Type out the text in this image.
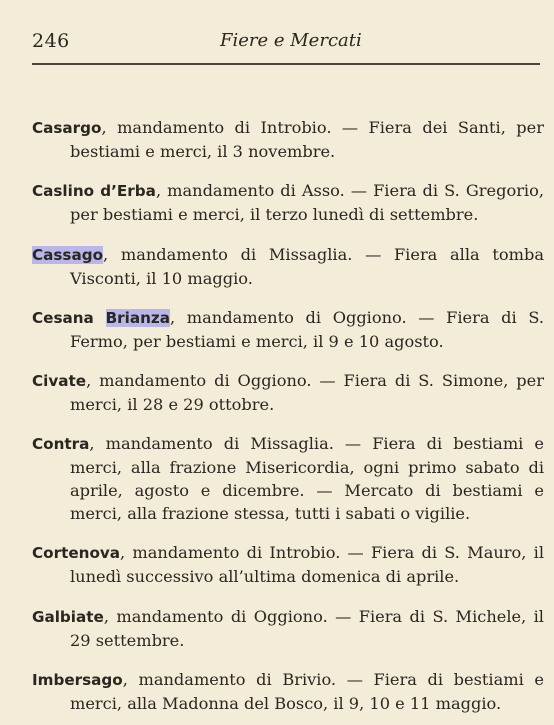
246	Fiere e Mercati

Casargo, mandamento di Introbio. — Fiera dei Santi, per bestiami e merci, il 3 novembre.

Caslino d’Erba, mandamento di Asso. — Fiera di S. Gregorio, per bestiami e merci, il terzo lunedì di settembre.

Cassago, mandamento di Missaglia. — Fiera alla tomba Visconti, il 10 maggio.

Cesana Brianza, mandamento di Oggiono. — Fiera di S. Fermo, per bestiami e merci, il 9 e 10 agosto.

Civate, mandamento di Oggiono. — Fiera di S. Simone, per merci, il 28 e 29 ottobre.

Contra, mandamento di Missaglia. — Fiera di bestiami e merci, alla frazione Misericordia, ogni primo sabato di aprile, agosto e dicembre. — Mercato di bestiami e merci, alla frazione stessa, tutti i sabati o vigilie.

Cortenova, mandamento di Introbio. — Fiera di S. Mauro, il lunedì successivo all’ultima domenica di aprile.

Galbiate, mandamento di Oggiono. — Fiera di S. Michele, il 29 settembre.

Imbersago, mandamento di Brivio. — Fiera di bestiami e merci, alla Madonna del Bosco, il 9, 10 e 11 maggio.
